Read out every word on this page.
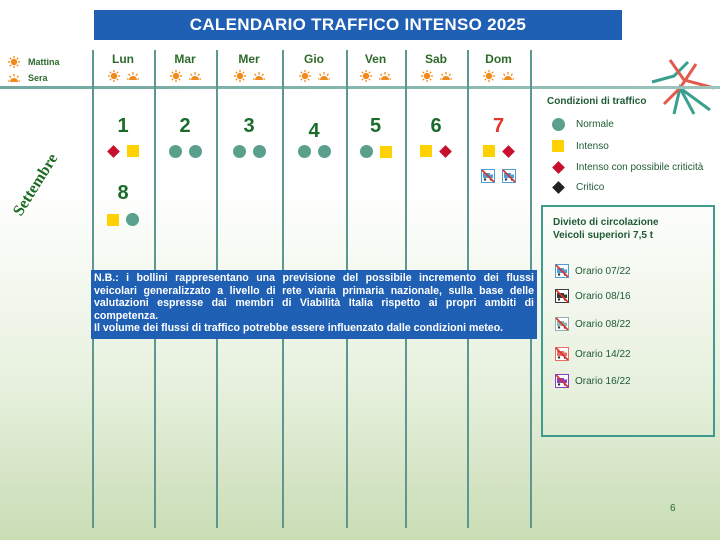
CALENDARIO TRAFFICO INTENSO 2025
Mattina
Sera
Lun
1
8
Mar
2
Mer
3
Gio
4
Ven
5
Sab
6
Dom
7
Settembre
N.B.: i bollini rappresentano una previsione del possibile incremento dei flussi veicolari generalizzato a livello di rete viaria primaria nazionale, sulla base delle valutazioni espresse dai membri di Viabilità Italia rispetto ai propri ambiti di competenza.
Il volume dei flussi di traffico potrebbe essere influenzato dalle condizioni meteo.
Condizioni di traffico
Normale
Intenso
Intenso con possibile criticità
Critico
Divieto di circolazione
Veicoli superiori 7,5 t
Orario 07/22
Orario 08/16
Orario 08/22
Orario 14/22
Orario 16/22
6
